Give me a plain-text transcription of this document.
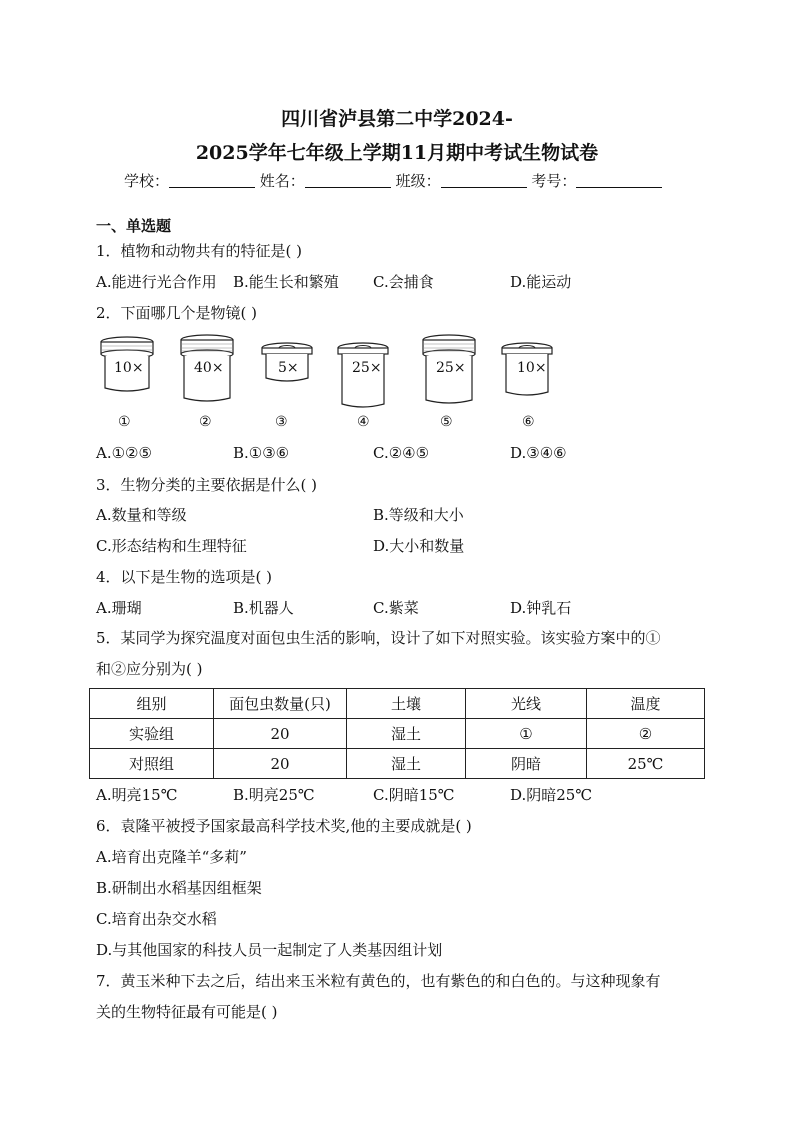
四川省泸县第二中学2024-
2025学年七年级上学期11月期中考试生物试卷
学校：	姓名：	班级：	考号：
一、单选题
1．植物和动物共有的特征是( )
A.能进行光合作用 B.能生长和繁殖 C.会捕食	D.能运动
2．下面哪几个是物镜( )
10×	40×	5×	25×	25×	10×
①	②	③	④	⑤	⑥
A.①②⑤	B.①③⑥	C.②④⑤	D.③④⑥
3．生物分类的主要依据是什么( )
A.数量和等级	B.等级和大小
C.形态结构和生理特征	D.大小和数量
4．以下是生物的选项是( )
A.珊瑚	B.机器人	C.紫菜	D.钟乳石
5．某同学为探究温度对面包虫生活的影响，设计了如下对照实验。该实验方案中的①
和②应分别为( )
组别	面包虫数量(只)	土壤	光线	温度
实验组	20	湿土	①	②
对照组	20	湿土	阴暗	25℃
A.明亮15℃	B.明亮25℃	C.阴暗15℃	D.阴暗25℃
6．袁隆平被授予国家最高科学技术奖,他的主要成就是( )
A.培育出克隆羊“多莉”
B.研制出水稻基因组框架
C.培育出杂交水稻
D.与其他国家的科技人员一起制定了人类基因组计划
7．黄玉米种下去之后，结出来玉米粒有黄色的，也有紫色的和白色的。与这种现象有
关的生物特征最有可能是( )
